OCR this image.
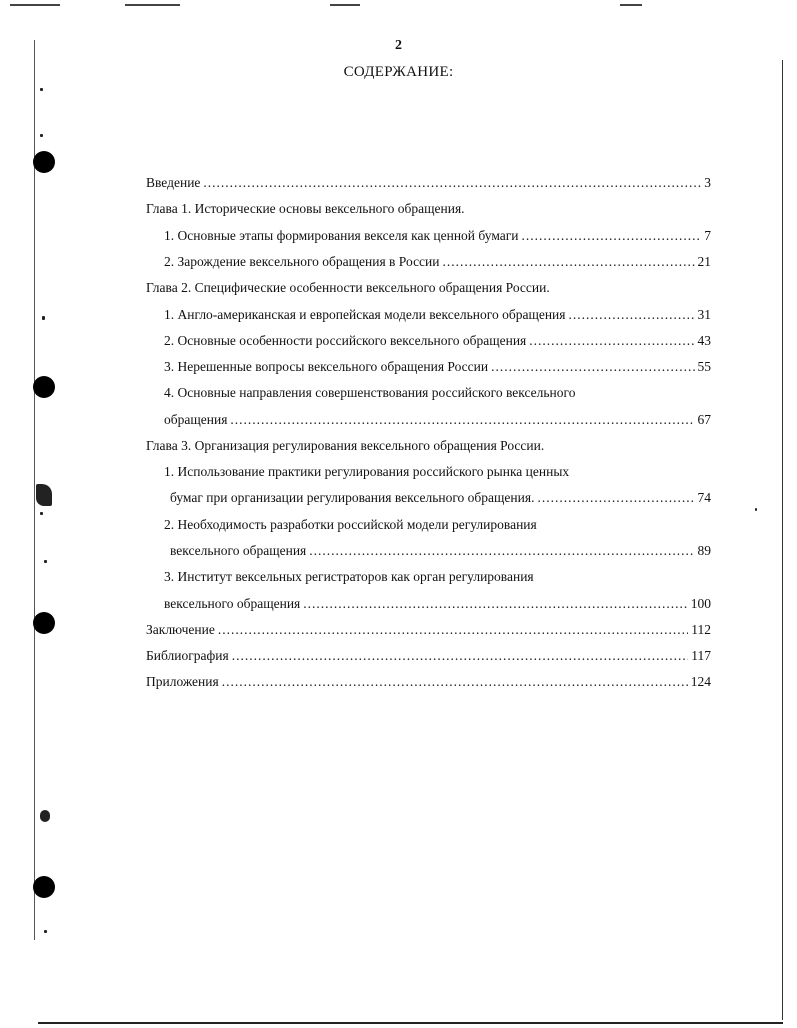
2
СОДЕРЖАНИЕ:
Введение .....	3
Глава 1. Исторические основы вексельного обращения.
1. Основные этапы формирования векселя как ценной бумаги .....	7
2. Зарождение вексельного обращения в России .....	21
Глава 2. Специфические особенности вексельного обращения России.
1. Англо-американская и европейская модели вексельного обращения .....	31
2. Основные особенности российского вексельного обращения .....	43
3. Нерешенные вопросы вексельного обращения России .....	55
4. Основные направления совершенствования российского вексельного
обращения .....	67
Глава 3. Организация регулирования вексельного обращения России.
1. Использование практики регулирования российского рынка ценных
бумаг при организации регулирования вексельного обращения. .....	74
2. Необходимость разработки российской модели регулирования
вексельного обращения .....	89
3. Институт вексельных регистраторов как орган регулирования
вексельного обращения .....	100
Заключение .....	112
Библиография .....	117
Приложения .....	124
